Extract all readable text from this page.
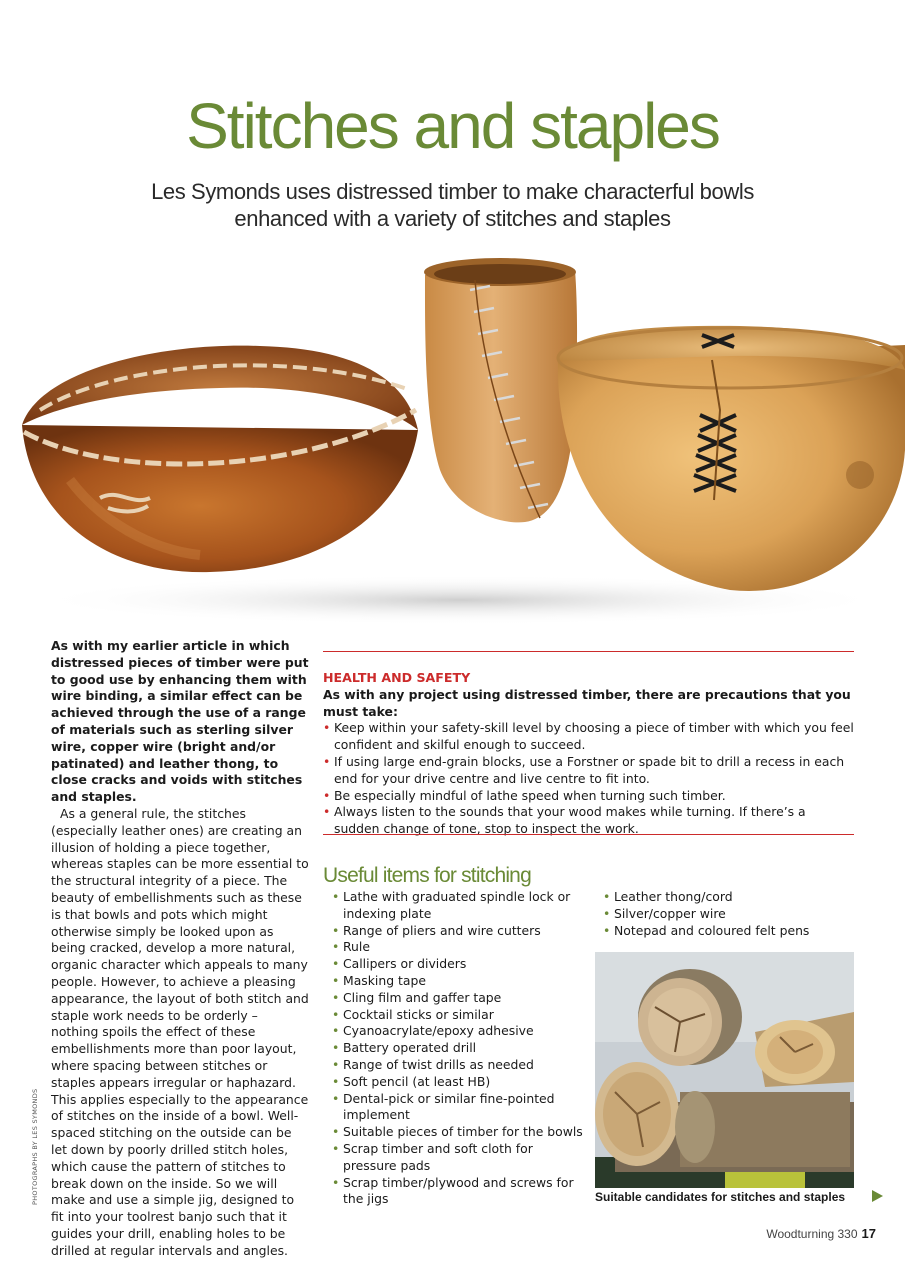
Stitches and staples
Les Symonds uses distressed timber to make characterful bowls
enhanced with a variety of stitches and staples

As with my earlier article in which distressed pieces of timber were put to good use by enhancing them with wire binding, a similar effect can be achieved through the use of a range of materials such as sterling silver wire, copper wire (bright and/or patinated) and leather thong, to close cracks and voids with stitches and staples.

As a general rule, the stitches (especially leather ones) are creating an illusion of holding a piece together, whereas staples can be more essential to the structural integrity of a piece. The beauty of embellishments such as these is that bowls and pots which might otherwise simply be looked upon as being cracked, develop a more natural, organic character which appeals to many people. However, to achieve a pleasing appearance, the layout of both stitch and staple work needs to be orderly – nothing spoils the effect of these embellishments more than poor layout, where spacing between stitches or staples appears irregular or haphazard. This applies especially to the appearance of stitches on the inside of a bowl. Well-spaced stitching on the outside can be let down by poorly drilled stitch holes, which cause the pattern of stitches to break down on the inside. So we will make and use a simple jig, designed to fit into your toolrest banjo such that it guides your drill, enabling holes to be drilled at regular intervals and angles.

PHOTOGRAPHS BY LES SYMONDS
HEALTH AND SAFETY
As with any project using distressed timber, there are precautions that you must take:
• Keep within your safety-skill level by choosing a piece of timber with which you feel confident and skilful enough to succeed.
• If using large end-grain blocks, use a Forstner or spade bit to drill a recess in each end for your drive centre and live centre to fit into.
• Be especially mindful of lathe speed when turning such timber.
• Always listen to the sounds that your wood makes while turning. If there’s a sudden change of tone, stop to inspect the work.
Useful items for stitching
• Lathe with graduated spindle lock or indexing plate
• Range of pliers and wire cutters
• Rule
• Callipers or dividers
• Masking tape
• Cling film and gaffer tape
• Cocktail sticks or similar
• Cyanoacrylate/epoxy adhesive
• Battery operated drill
• Range of twist drills as needed
• Soft pencil (at least HB)
• Dental-pick or similar fine-pointed implement
• Suitable pieces of timber for the bowls
• Scrap timber and soft cloth for pressure pads
• Scrap timber/plywood and screws for the jigs
• Leather thong/cord
• Silver/copper wire
• Notepad and coloured felt pens
Suitable candidates for stitches and staples
Woodturning 330 17
